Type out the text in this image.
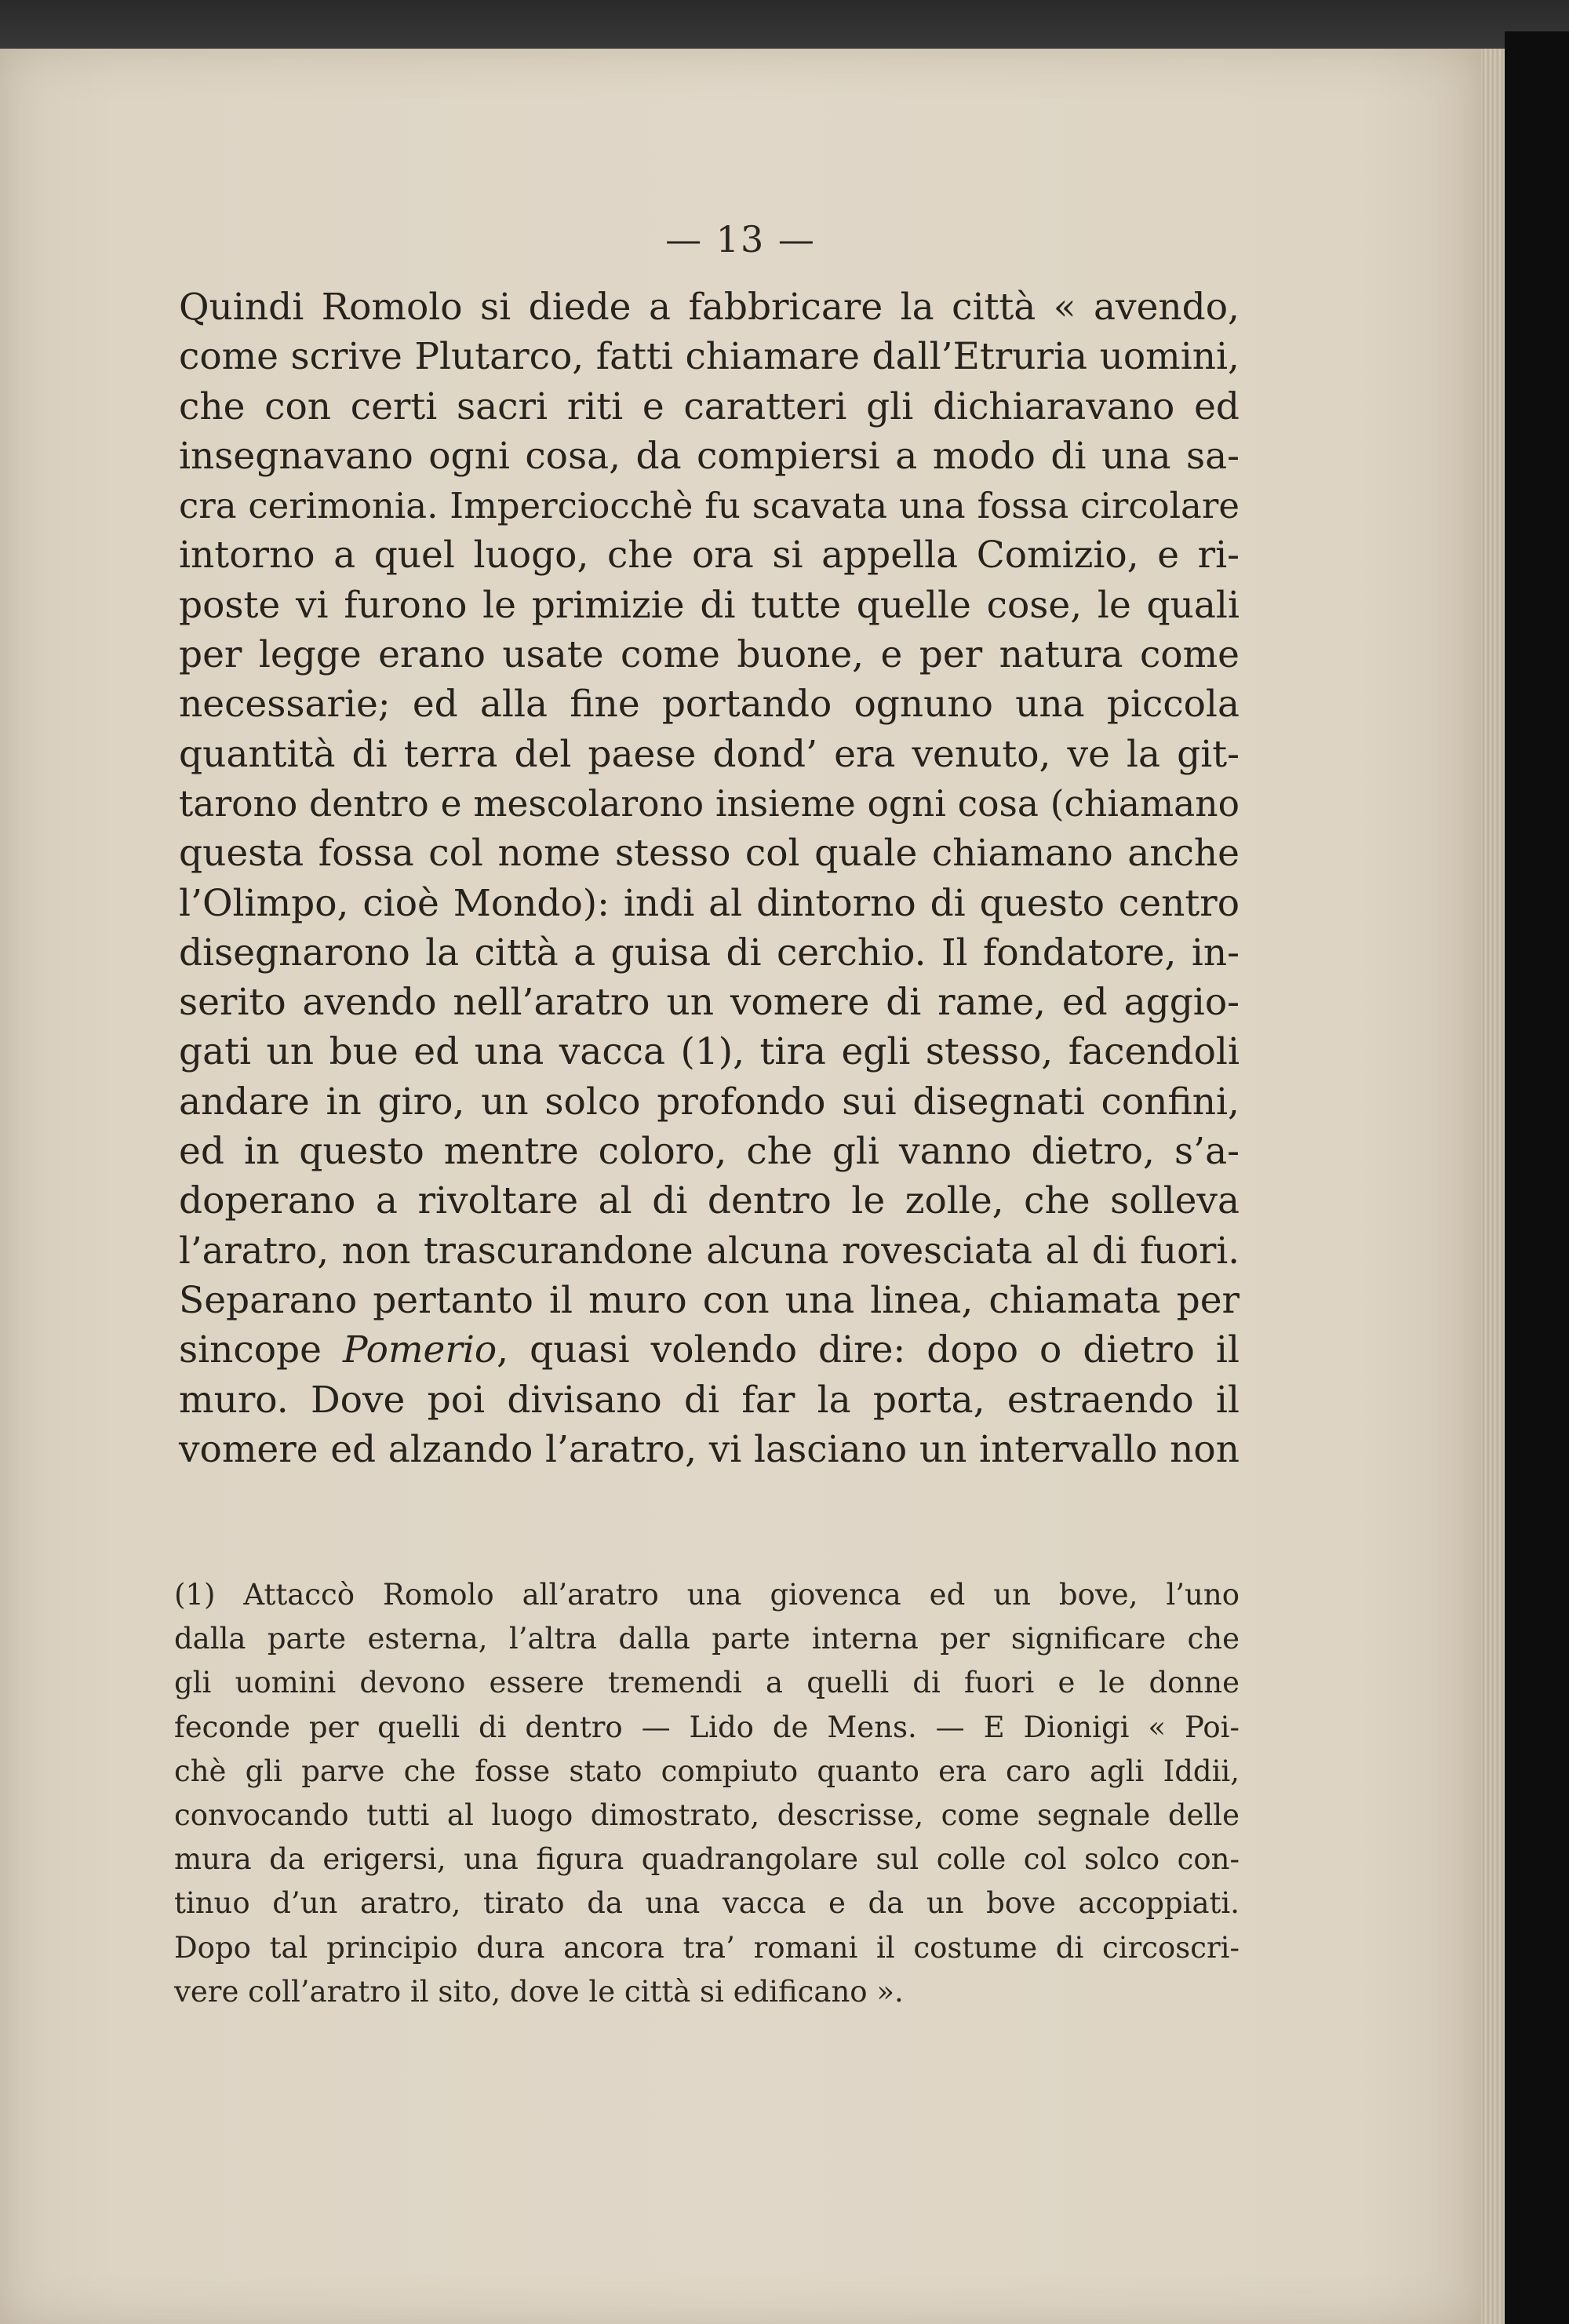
— 13 —
Quindi Romolo si diede a fabbricare la città « avendo,
come scrive Plutarco, fatti chiamare dall’Etruria uomini,
che con certi sacri riti e caratteri gli dichiaravano ed
insegnavano ogni cosa, da compiersi a modo di una sa-
cra cerimonia. Imperciocchè fu scavata una fossa circolare
intorno a quel luogo, che ora si appella Comizio, e ri-
poste vi furono le primizie di tutte quelle cose, le quali
per legge erano usate come buone, e per natura come
necessarie; ed alla fine portando ognuno una piccola
quantità di terra del paese dond’ era venuto, ve la git-
tarono dentro e mescolarono insieme ogni cosa (chiamano
questa fossa col nome stesso col quale chiamano anche
l’Olimpo, cioè Mondo): indi al dintorno di questo centro
disegnarono la città a guisa di cerchio. Il fondatore, in-
serito avendo nell’aratro un vomere di rame, ed aggio-
gati un bue ed una vacca (1), tira egli stesso, facendoli
andare in giro, un solco profondo sui disegnati confini,
ed in questo mentre coloro, che gli vanno dietro, s’a-
doperano a rivoltare al di dentro le zolle, che solleva
l’aratro, non trascurandone alcuna rovesciata al di fuori.
Separano pertanto il muro con una linea, chiamata per
sincope Pomerio, quasi volendo dire: dopo o dietro il
muro. Dove poi divisano di far la porta, estraendo il
vomere ed alzando l’aratro, vi lasciano un intervallo non
(1) Attaccò Romolo all’aratro una giovenca ed un bove, l’uno
dalla parte esterna, l’altra dalla parte interna per significare che
gli uomini devono essere tremendi a quelli di fuori e le donne
feconde per quelli di dentro — Lido de Mens. — E Dionigi « Poi-
chè gli parve che fosse stato compiuto quanto era caro agli Iddii,
convocando tutti al luogo dimostrato, descrisse, come segnale delle
mura da erigersi, una figura quadrangolare sul colle col solco con-
tinuo d’un aratro, tirato da una vacca e da un bove accoppiati.
Dopo tal principio dura ancora tra’ romani il costume di circoscri-
vere coll’aratro il sito, dove le città si edificano ».
